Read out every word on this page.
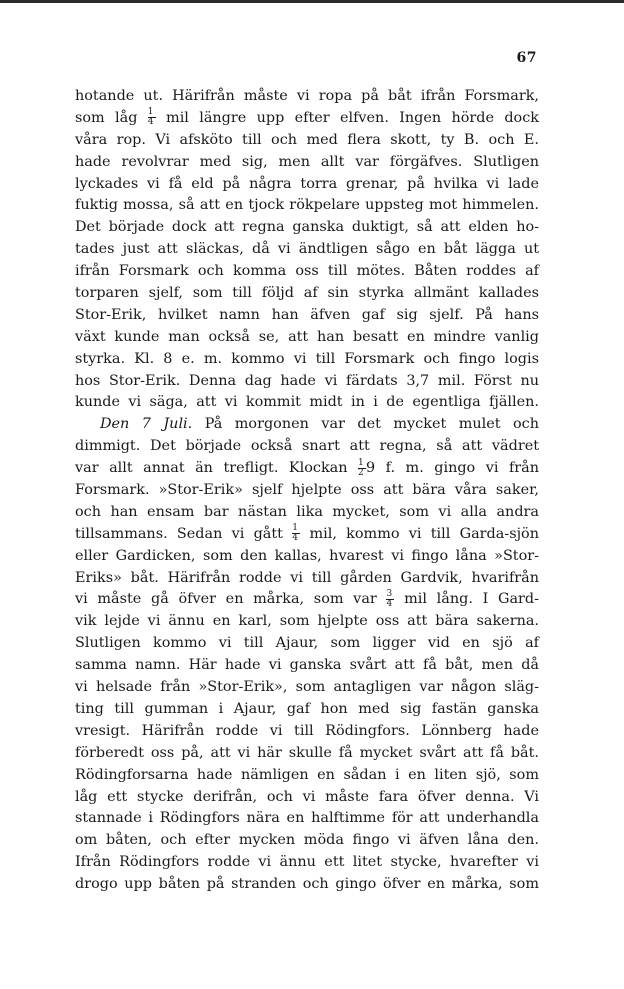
67
hotande ut. Härifrån måste vi ropa på båt ifrån Forsmark,
som låg $\frac{1}{4}$ mil längre upp efter elfven. Ingen hörde dock
våra rop. Vi afsköto till och med flera skott, ty B. och E.
hade revolvrar med sig, men allt var förgäfves. Slutligen
lyckades vi få eld på några torra grenar, på hvilka vi lade
fuktig mossa, så att en tjock rökpelare uppsteg mot himmelen.
Det började dock att regna ganska duktigt, så att elden ho-
tades just att släckas, då vi ändtligen sågo en båt lägga ut
ifrån Forsmark och komma oss till mötes. Båten roddes af
torparen sjelf, som till följd af sin styrka allmänt kallades
Stor-Erik, hvilket namn han äfven gaf sig sjelf. På hans
växt kunde man också se, att han besatt en mindre vanlig
styrka. Kl. 8 e. m. kommo vi till Forsmark och fingo logis
hos Stor-Erik. Denna dag hade vi färdats 3,7 mil. Först nu
kunde vi säga, att vi kommit midt in i de egentliga fjällen.
Den 7 Juli. På morgonen var det mycket mulet och
dimmigt. Det började också snart att regna, så att vädret
var allt annat än trefligt. Klockan $\frac{1}{2} 9$ f. m. gingo vi från
Forsmark. »Stor-Erik» sjelf hjelpte oss att bära våra saker,
och han ensam bar nästan lika mycket, som vi alla andra
tillsammans. Sedan vi gått $\frac{1}{4}$ mil, kommo vi till Garda-sjön
eller Gardicken, som den kallas, hvarest vi fingo låna »Stor-
Eriks» båt. Härifrån rodde vi till gården Gardvik, hvarifrån
vi måste gå öfver en mårka, som var $\frac{3}{4}$ mil lång. I Gard-
vik lejde vi ännu en karl, som hjelpte oss att bära sakerna.
Slutligen kommo vi till Ajaur, som ligger vid en sjö af
samma namn. Här hade vi ganska svårt att få båt, men då
vi helsade från »Stor-Erik», som antagligen var någon släg-
ting till gumman i Ajaur, gaf hon med sig fastän ganska
vresigt. Härifrån rodde vi till Rödingfors. Lönnberg hade
förberedt oss på, att vi här skulle få mycket svårt att få båt.
Rödingforsarna hade nämligen en sådan i en liten sjö, som
låg ett stycke derifrån, och vi måste fara öfver denna. Vi
stannade i Rödingfors nära en halftimme för att underhandla
om båten, och efter mycken möda fingo vi äfven låna den.
Ifrån Rödingfors rodde vi ännu ett litet stycke, hvarefter vi
drogo upp båten på stranden och gingo öfver en mårka, som
